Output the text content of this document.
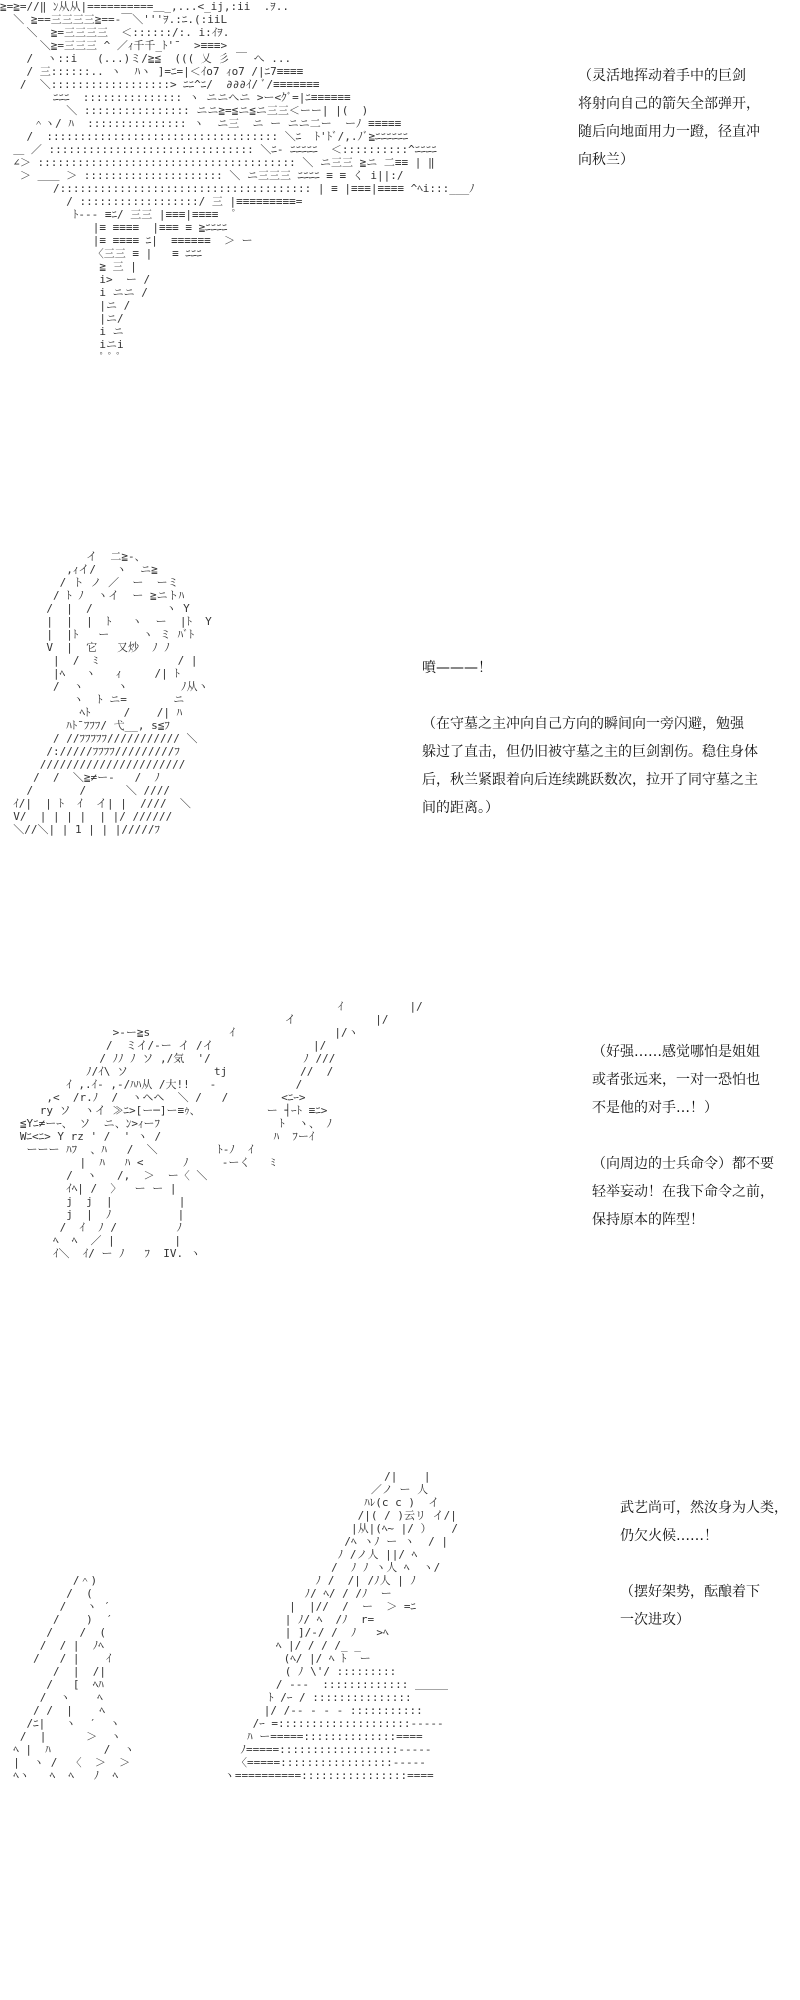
≧=≧=//‖ ﾝ从从|==========＿_,...<_ij,:ii  .ｦ..
＼ ≧==三三三三≧==-￣＼'''ｦ.:ﾆ.(:iiL
＼  ≧=三三三三  ＜::::::/:. i:ｲｦ.
＼≧=三三三 ^ ／ｨ千千_ﾄ'¯  >≡≡≡>
/  ヽ::i   (...)ミ/≧≦  ((( 乂 彡 ￣ へ ...
/ 三::::::.. ヽ  ﾊヽ ]=ﾆ=|＜ｲo7 ｨo7 /|ﾆ7≡≡≡≡
/  ＼::::::::::::::::::> ﾆﾆ^ﾆ/  ∂∂∂ｲ/ ﾞ/≡≡≡≡≡≡≡
ﾆﾆﾆ  ::::::::::::::: ヽ ニニへニ >ー<ｸﾞ=|ﾆ≡≡≡≡≡≡
＼ :::::::::::::::: ニニ≧=≦ニ≦ニ三三＜ーー| |(  )
＾ヽ/ ﾊ  ::::::::::::::: ヽ  ニ三  ニ ー ニニ二ー  ーﾉ ≡≡≡≡≡
/  ::::::::::::::::::::::::::::::::::: ＼ﾆ  ﾄ'ﾄﾞ/,.ﾉﾞ≧ﾆﾆﾆﾆﾆﾆ
＿ ／ ::::::::::::::::::::::::::::::: ＼ﾆ- ﾆﾆﾆﾆﾆ  ＜::::::::::^ﾆﾆﾆﾆ
∠＞ ::::::::::::::::::::::::::::::::::::::: ＼ ニ三三 ≧ニ 二≡≡ | ‖
＞ ＿＿ ＞ ::::::::::::::::::::: ＼ ニ三三三 ﾆﾆﾆﾆ ≡ ≡ く i||:/
/:::::::::::::::::::::::::::::::::::::: | ≡ |≡≡≡|≡≡≡≡ ^ﾍi:::___ﾉ
/ ::::::::::::::::::/ 三 |≡≡≡≡≡≡≡≡≡=
ﾄ--- ≡ﾆ/ 三三 |≡≡≡|≡≡≡≡  ﾟ
|≡ ≡≡≡≡  |≡≡≡ ≡ ≧ﾆﾆﾆﾆ
|≡ ≡≡≡≡ ﾆ|  ≡≡≡≡≡≡  ＞ ー
〈三三 ≡ |   ≡ ﾆﾆﾆ
≧ 三 |
i>  ー /
i ニニ /
|ニ /
|ニ/
i ニ
iニi
ﾟ ﾟ ﾟ
（灵活地挥动着手中的巨剑
将射向自己的箭矢全部弹开，
随后向地面用力一蹬，径直冲
向秋兰）
イ  二≧-、
,ｨイ/   ヽ  ニ≧
/ ト ノ ／  ー  ーミ
/ ﾄ ﾉ  ヽイ  ー ≧ニトﾊ
/  |  /           ヽ Y
|  |  |  ﾄ   ヽ  ー  |ﾄ  Y
|  |ﾄ   ー     ヽ ミ ﾊﾞﾄ
V  |  它   又炒  ﾉ ﾉ
|  /  ﾐ            / |
|ﾍ   ヽ   ｨ     /| ﾄ
/  ヽ     ヽ        ﾉ从ヽ
ヽ  ﾄ ニ=       ニ
ﾍﾄ     /    /| ﾊ
ﾊﾄ¯ﾌﾌﾌ/ 弋__, s≦ﾌ
/ //ﾌﾌﾌﾌﾌ/////////// ＼
/://///ﾌﾌﾌﾌ/////////ﾌ
//////////////////////
/  /  ＼≧≠ー-   /  ﾉ
/       /      ＼ ////
ｲ/|  | ﾄ  ｲ  イ| |  ////  ＼
V/  | | | |  | |/ //////
＼//＼| | 1 | | |/////ﾌ
噴———！

（在守墓之主冲向自己方向的瞬间向一旁闪避，勉强
躲过了直击，但仍旧被守墓之主的巨剑割伤。稳住身体
后，秋兰紧跟着向后连续跳跃数次，拉开了同守墓之主
间的距离。）
ｲ          |/
イ            |/
>-ー≧s            ｲ               |/ヽ
/  ミイ/-ー イ /イ               |/
/ ﾉﾉ ﾉ ソ ,/気  '/              ﾉ ///
ﾉ/ｲ\ ソ             tj           //  /
ｲ ,.ｲ- ,-/ﾊﾊ从 /大!!   -            /
,<  /r.ﾉ  /  ヽヘヘ  ＼ /   /        <ﾆｰ>
ry ソ  ヽイ ≫ﾆ>[ー─]ー≡ｩ、          ー ┤ｰﾄ ≡ﾆ>
≦Yﾆ≠ーｰ、 ソ  ニ、ﾝ>ｨーﾌ                  ﾄ  ヽ、 ﾉ
Wﾆ<ﾆ> Y rz ' /  ' ヽ /                 ﾊ  ﾌーｲ
ーーー ﾊﾌ  、ﾊ   /  ＼         ﾄ-ﾉ  ｲ
|  ﾊ   ﾊ <      ﾉ     -ーく   ﾐ
/  ヽ   /,  ＞  ー〈 ＼
ｲﾍ| /  〉  ー ー |
j  j  |          |
j  |  ﾉ          |
/  ｲ  ﾉ /         ﾉ
ﾍ  ﾍ  ／ |         |
ｲ＼  ｲ/ ー ﾉ   ﾌ  IV. ヽ
（好强……感觉哪怕是姐姐
或者张远来，一对一恐怕也
不是他的对手…！）

（向周边的士兵命令）都不要
轻举妄动！在我下命令之前，
保持原本的阵型！
/|    |
／ノ ー 人
ﾊﾚ(c c )  イ
/|( / )云リ イ/|
|从|(ﾍ~ |/ ）   /
/ﾍ ヽﾉ ー ヽ  / |
ﾉ /ノ人 ||/ ﾍ
/  ﾉ ﾉ ヽ人 ﾍ  ヽ/
/＾)                                 ﾉ /  /| /ﾉ人 | ﾉ
/  (                                ﾉ/ ﾍ/ / /ﾉ  ー
/   ヽ ′                           |  |//  /  ー  ＞ =ﾆ
/    )  ′                          | ﾉ/ ﾍ  /ﾉ  r=
/    /  (                           | ]/-/ /  ﾉ   >ﾍ
/  / |  ﾉﾍ                          ﾍ |/ / / /_ _
/   / |    ｲ                          (ﾍ/ |/ ﾍ ﾄ  ー
/  |  /|                           ( ﾉ \'/ :::::::::
/   [  ﾍﾊ                          / ---  ::::::::::::: ＿＿＿
/  ヽ    ﾍ                         ﾄ /ｰ / :::::::::::::::
/ /  |    ﾍ                        |/ /-- - - - :::::::::::
/ﾆ|   ヽ  ′  ヽ                    /ｰ =::::::::::::::::::::-----
/  |      ＞  ヽ                   ﾊ ー=====::::::::::::::====
ﾍ |  ﾊ        /  ヽ                ﾉ=====::::::::::::::::::-----
|  ヽ /  〈  ＞  ＞                〈=====:::::::::::::::::-----
ﾍヽ   ﾍ  ﾍ   ﾉ  ﾍ                ヽ==========::::::::::::::::====
武艺尚可，然汝身为人类，
仍欠火候……！

（摆好架势，酝酿着下
一次进攻）
